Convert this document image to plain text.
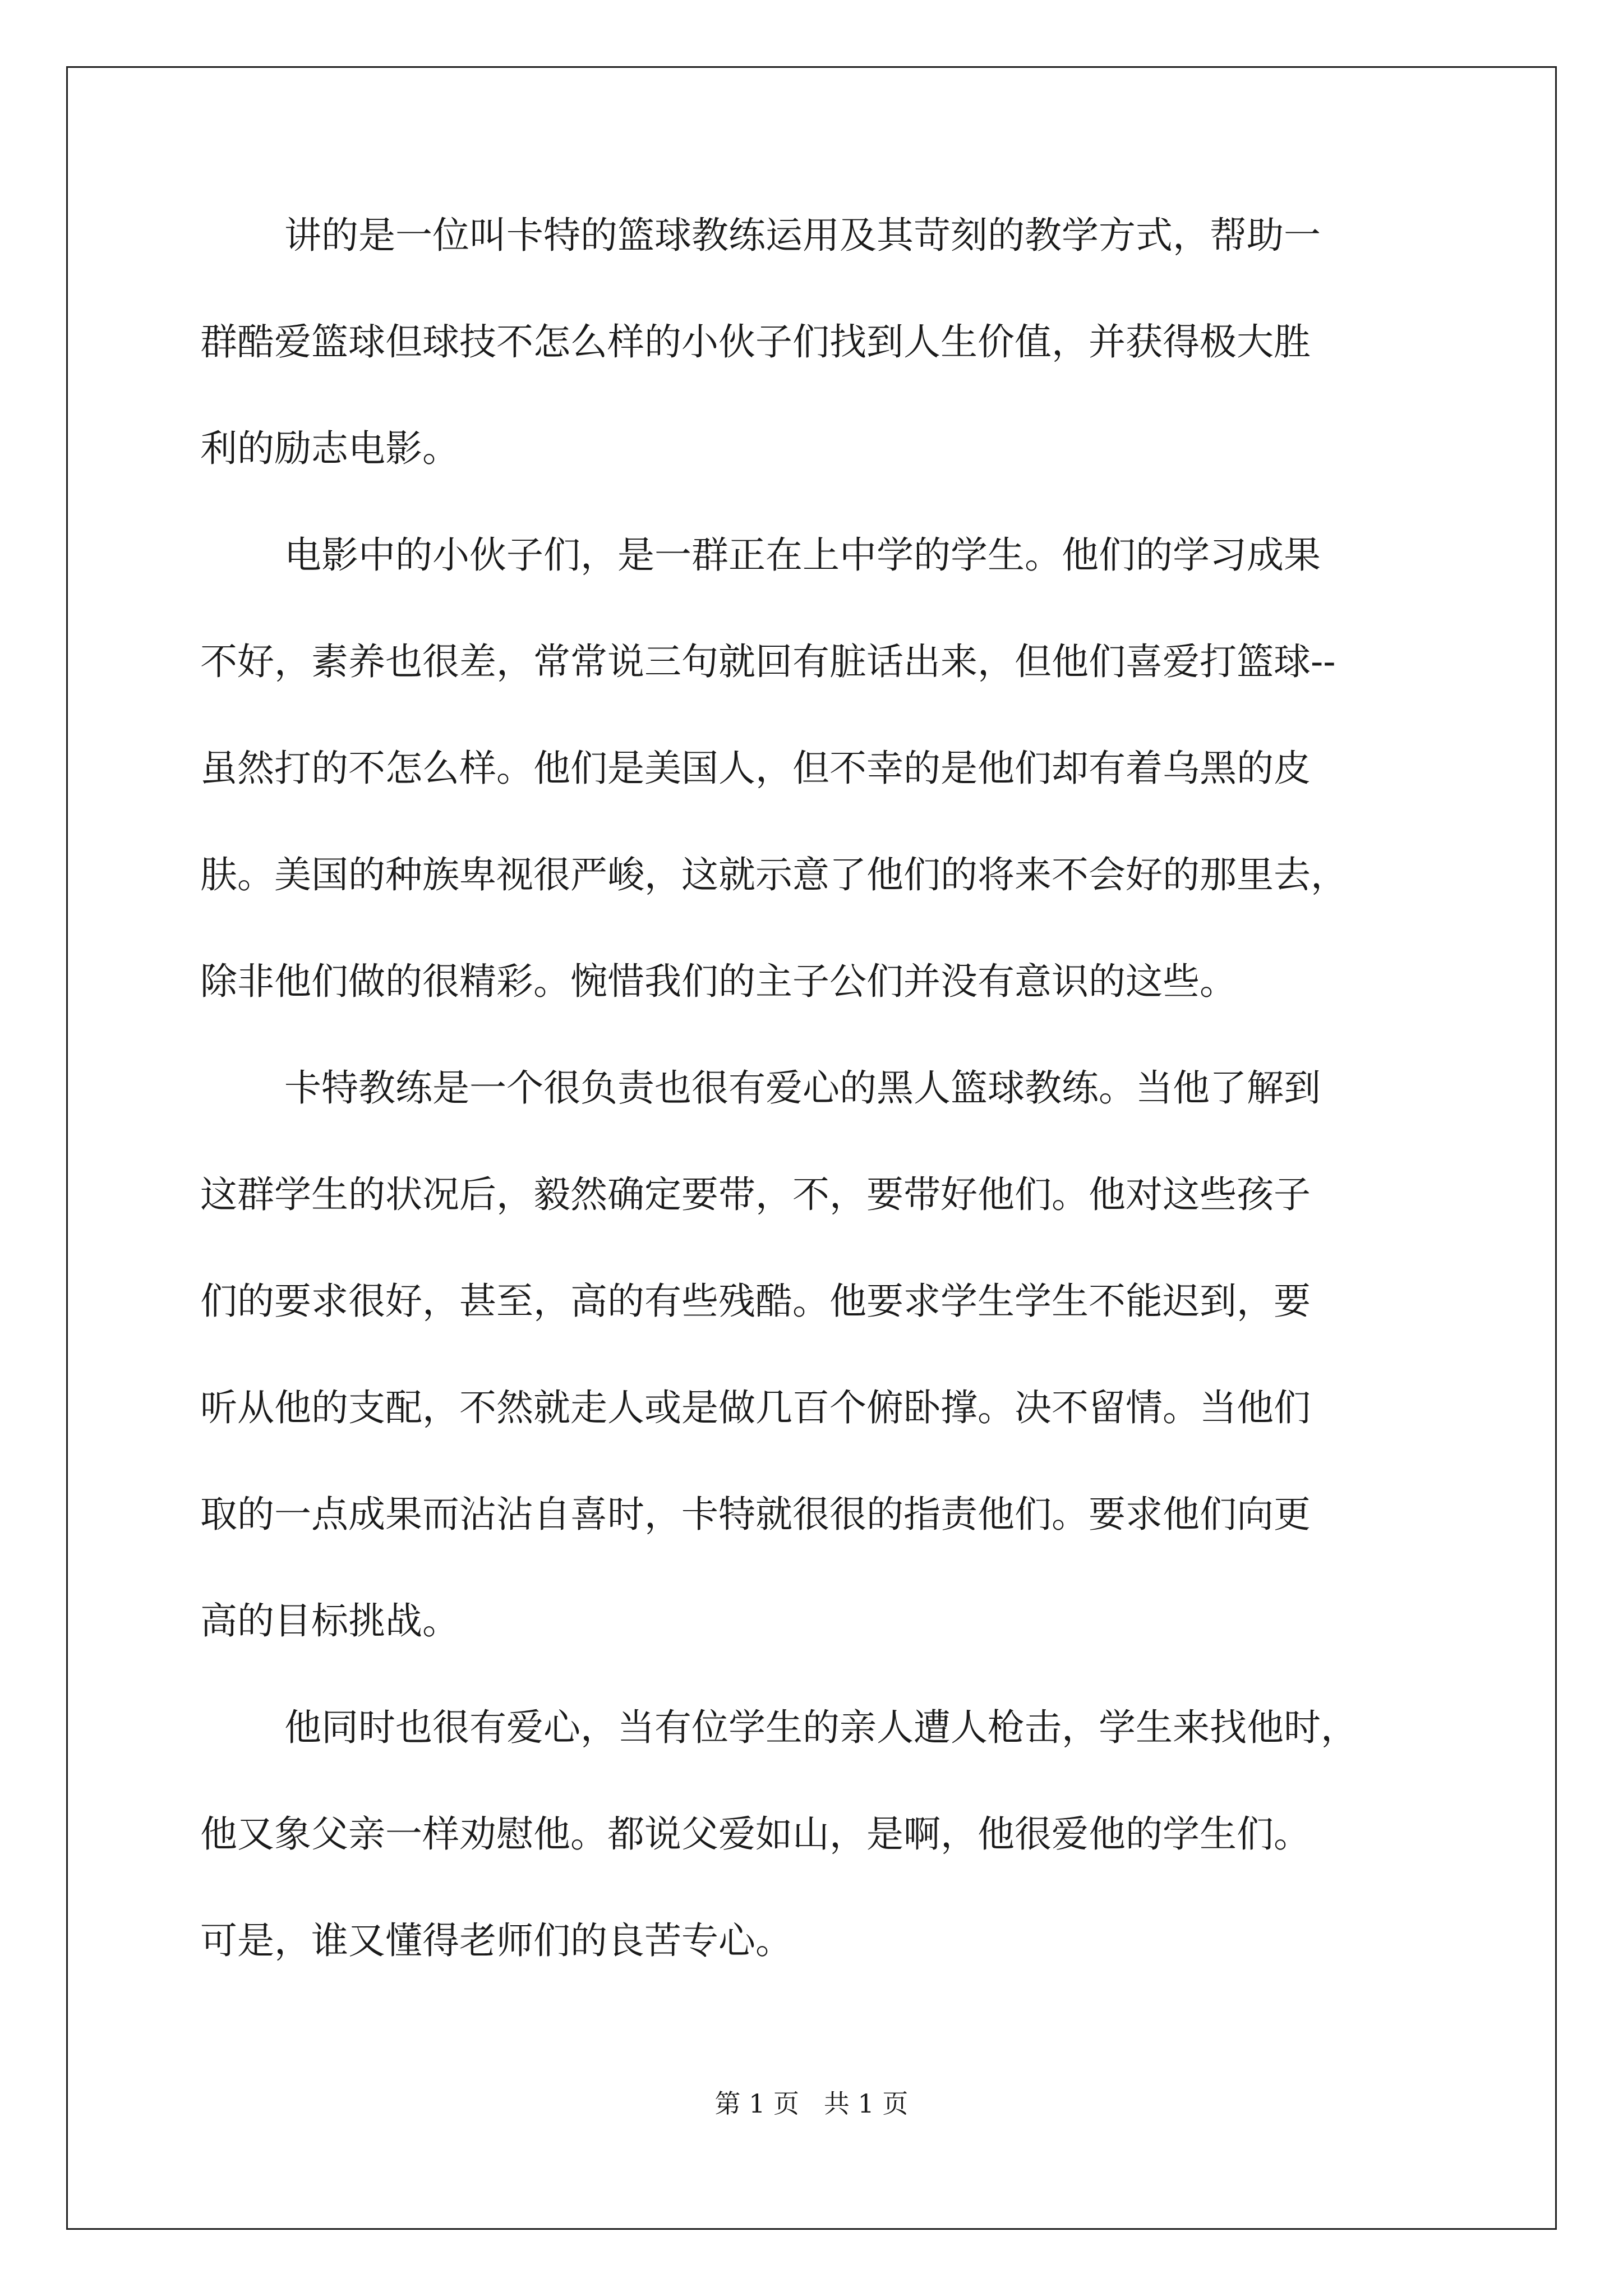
讲的是一位叫卡特的篮球教练运用及其苛刻的教学方式，帮助一
群酷爱篮球但球技不怎么样的小伙子们找到人生价值，并获得极大胜
利的励志电影。
电影中的小伙子们，是一群正在上中学的学生。他们的学习成果
不好，素养也很差，常常说三句就回有脏话出来，但他们喜爱打篮球--
虽然打的不怎么样。他们是美国人，但不幸的是他们却有着乌黑的皮
肤。美国的种族卑视很严峻，这就示意了他们的将来不会好的那里去，
除非他们做的很精彩。惋惜我们的主子公们并没有意识的这些。
卡特教练是一个很负责也很有爱心的黑人篮球教练。当他了解到
这群学生的状况后，毅然确定要带，不，要带好他们。他对这些孩子
们的要求很好，甚至，高的有些残酷。他要求学生学生不能迟到，要
听从他的支配，不然就走人或是做几百个俯卧撑。决不留情。当他们
取的一点成果而沾沾自喜时，卡特就很很的指责他们。要求他们向更
高的目标挑战。
他同时也很有爱心，当有位学生的亲人遭人枪击，学生来找他时，
他又象父亲一样劝慰他。都说父爱如山，是啊，他很爱他的学生们。
可是，谁又懂得老师们的良苦专心。
第 1 页   共 1 页
